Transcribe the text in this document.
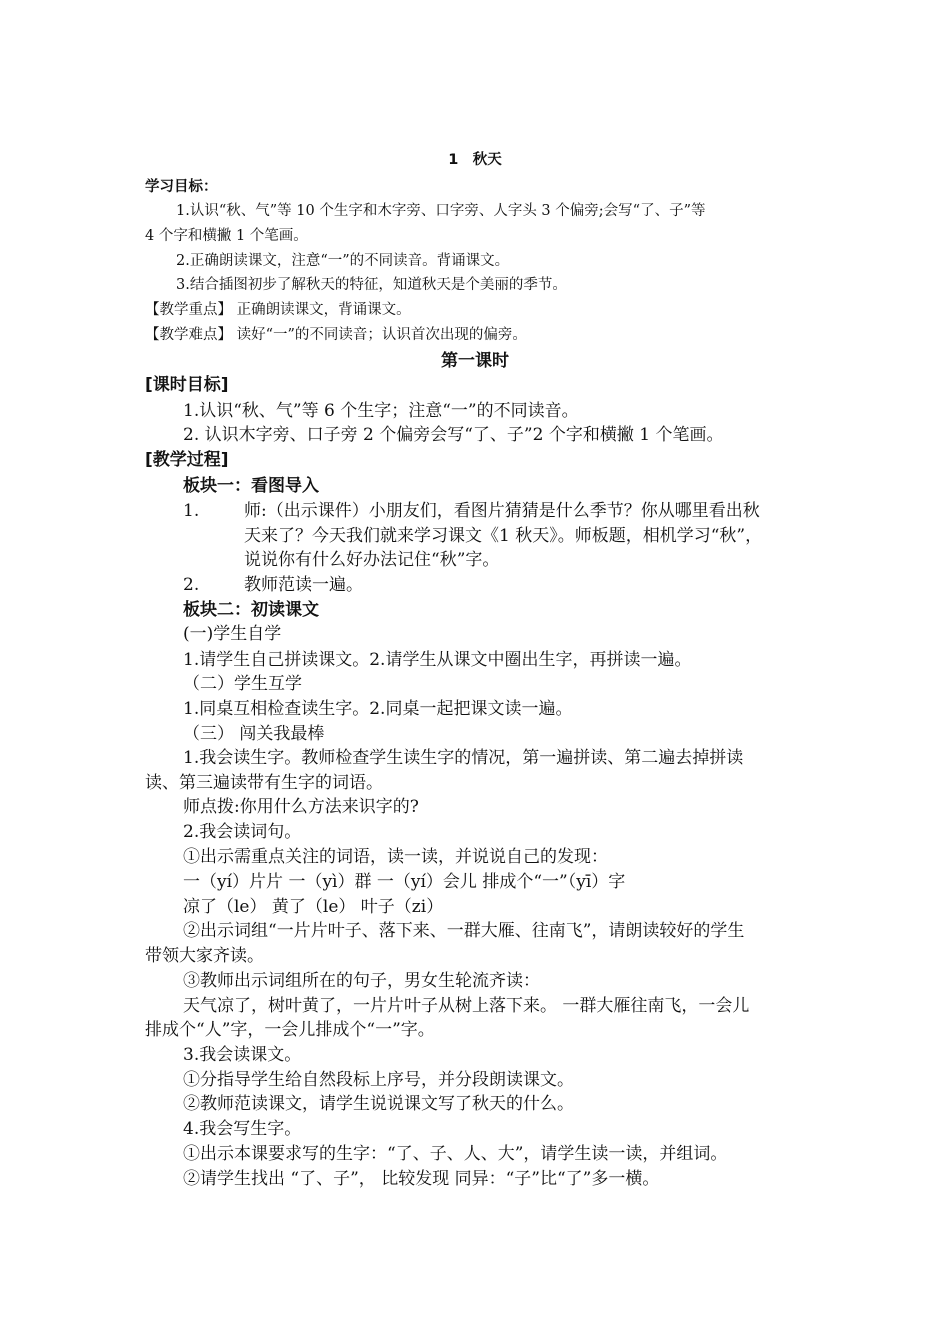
1　秋天
学习目标：
1.认识“秋、气”等 10 个生字和木字旁、口字旁、人字头 3 个偏旁;会写“了、子”等
4 个字和横撇 1 个笔画。
2.正确朗读课文，注意“一”的不同读音。背诵课文。
3.结合插图初步了解秋天的特征，知道秋天是个美丽的季节。
【教学重点】 正确朗读课文，背诵课文。
【教学难点】 读好“一”的不同读音；认识首次出现的偏旁。
第一课时
[课时目标]
1.认识“秋、气”等 6 个生字；注意“一”的不同读音。
2. 认识木字旁、口子旁 2 个偏旁会写“了、子”2 个字和横撇 1 个笔画。
[教学过程]
板块一：看图导入
1.	师:（出示课件）小朋友们，看图片猜猜是什么季节？你从哪里看出秋
天来了？今天我们就来学习课文《1 秋天》。师板题，相机学习“秋”，
说说你有什么好办法记住“秋”字。
2.	教师范读一遍。
板块二：初读课文
(一)学生自学
1.请学生自己拼读课文。2.请学生从课文中圈出生字，再拼读一遍。
（二）学生互学
1.同桌互相检查读生字。2.同桌一起把课文读一遍。
（三） 闯关我最棒
1.我会读生字。教师检查学生读生字的情况，第一遍拼读、第二遍去掉拼读
读、第三遍读带有生字的词语。
师点拨:你用什么方法来识字的?
2.我会读词句。
①出示需重点关注的词语，读一读，并说说自己的发现：
一（yí）片片 一（yì）群 一（yí）会儿 排成个“一”（yī）字
凉了（le） 黄了（le） 叶子（zi）
②出示词组“一片片叶子、落下来、一群大雁、往南飞”，请朗读较好的学生
带领大家齐读。
③教师出示词组所在的句子，男女生轮流齐读：
天气凉了，树叶黄了，一片片叶子从树上落下来。 一群大雁往南飞，一会儿
排成个“人”字，一会儿排成个“一”字。
3.我会读课文。
①分指导学生给自然段标上序号，并分段朗读课文。
②教师范读课文，请学生说说课文写了秋天的什么。
4.我会写生字。
①出示本课要求写的生字：“了、子、人、大”，请学生读一读，并组词。
②请学生找出 “了、子”， 比较发现 同异：“子”比“了”多一横。
